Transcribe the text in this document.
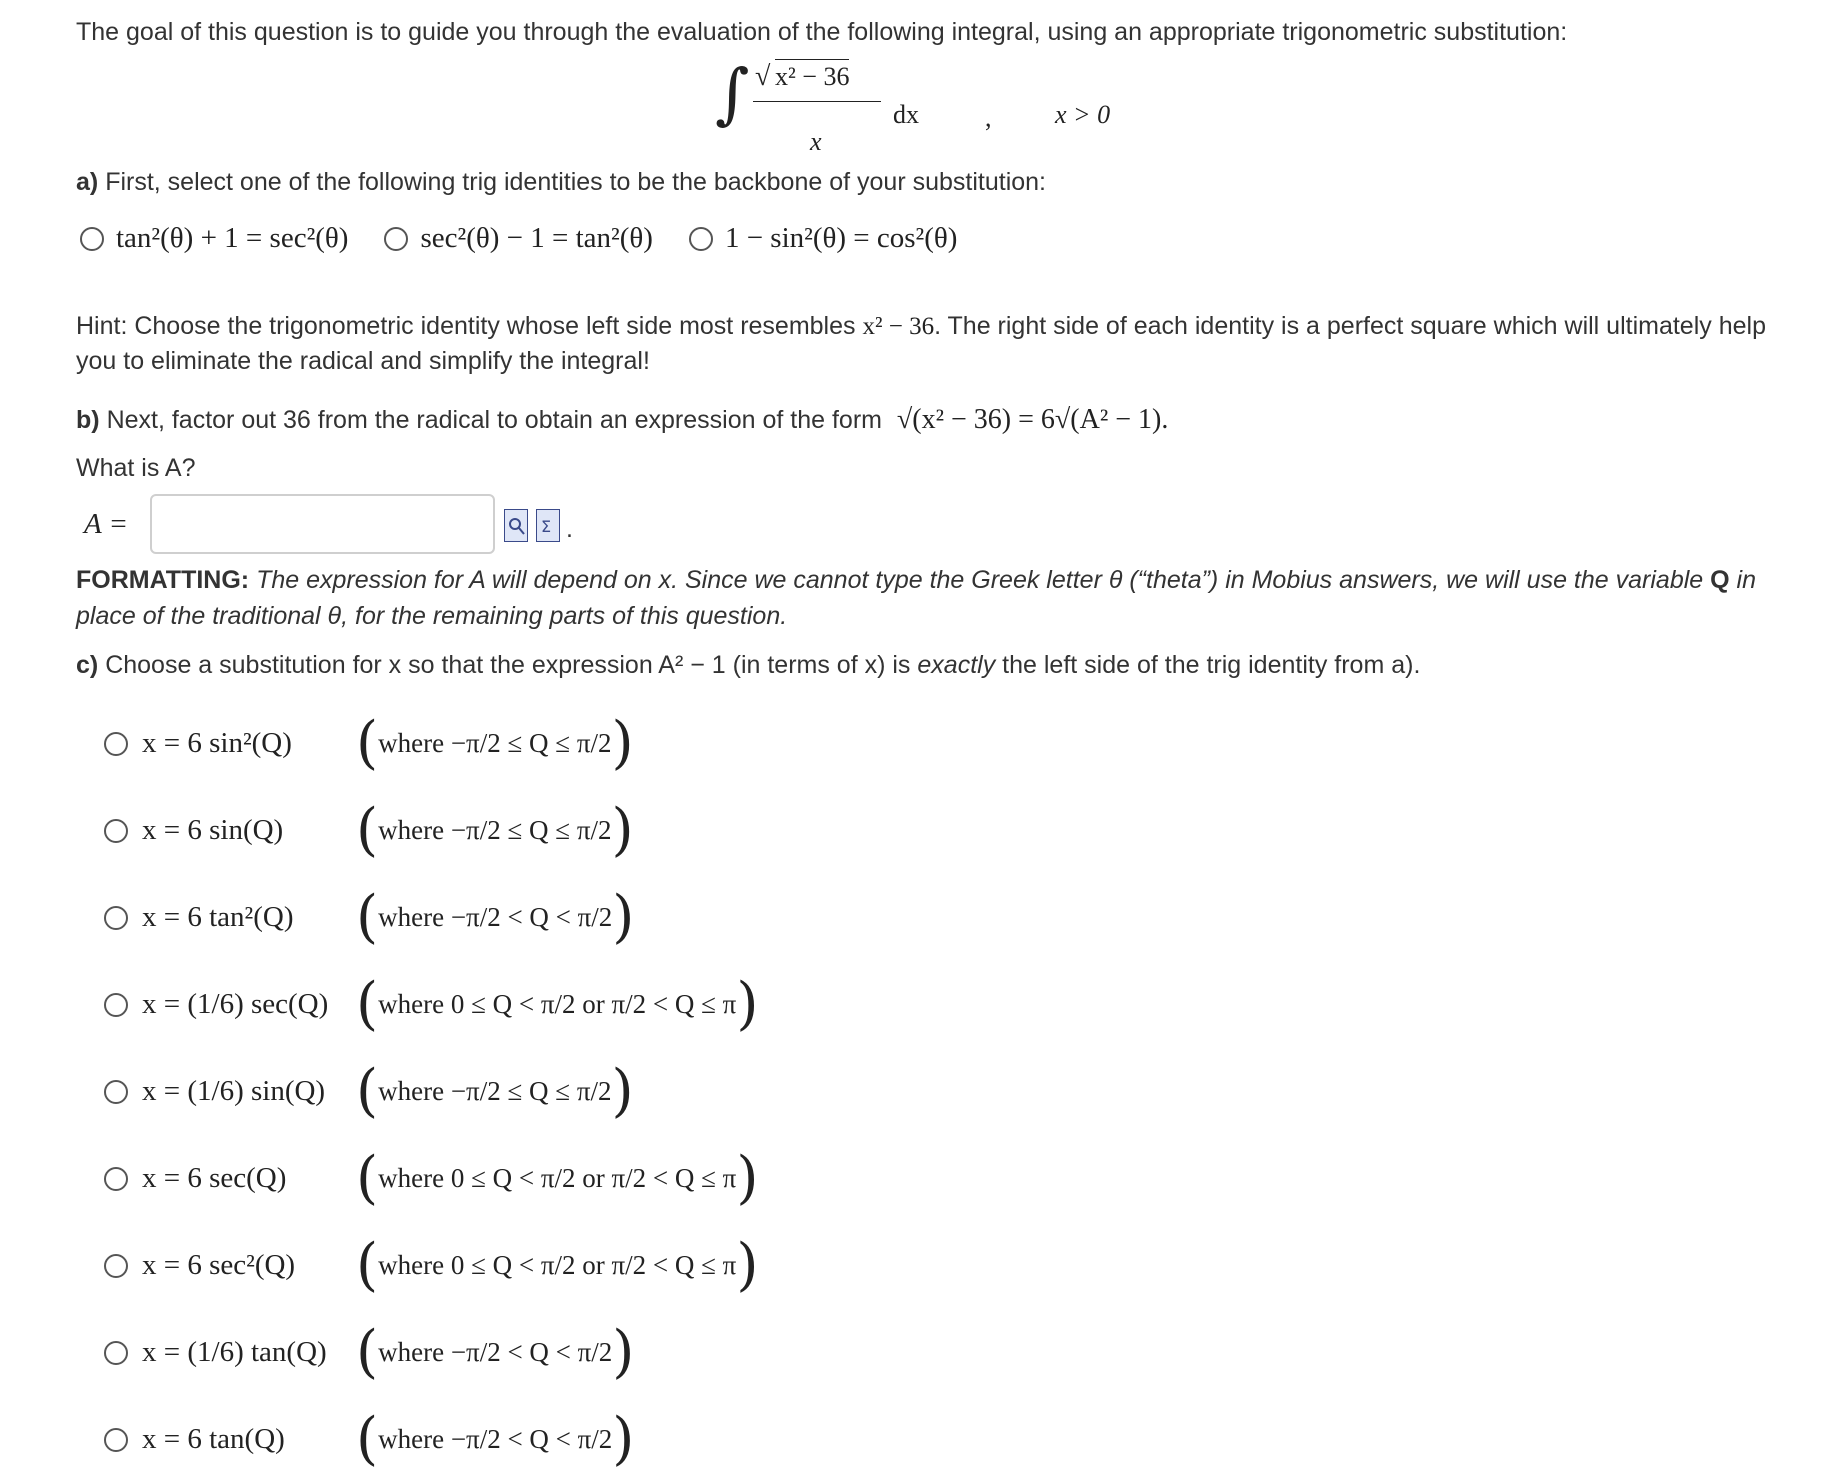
The goal of this question is to guide you through the evaluation of the following integral, using an appropriate trigonometric substitution:
∫ √ x² − 36
x
dx	, x > 0
a) First, select one of the following trig identities to be the backbone of your substitution:
tan²(θ) + 1 = sec²(θ) sec²(θ) − 1 = tan²(θ) 1 − sin²(θ) = cos²(θ)
Hint: Choose the trigonometric identity whose left side most resembles x² − 36. The right side of each identity is a perfect square which will ultimately help
you to eliminate the radical and simplify the integral!
b) Next, factor out 36 from the radical to obtain an expression of the form √(x² − 36) = 6√(A² − 1).
What is A?
A =	Σ .
FORMATTING: The expression for A will depend on x. Since we cannot type the Greek letter θ (“theta”) in Mobius answers, we will use the variable Q in
place of the traditional θ, for the remaining parts of this question.
c) Choose a substitution for x so that the expression A² − 1 (in terms of x) is exactly the left side of the trig identity from a).
x = 6 sin²(Q)	( where −π/2 ≤ Q ≤ π/2 )
x = 6 sin(Q)	( where −π/2 ≤ Q ≤ π/2 )
x = 6 tan²(Q)	( where −π/2 < Q < π/2 )
x = (1/6) sec(Q) ( where 0 ≤ Q < π/2 or π/2 < Q ≤ π )
x = (1/6) sin(Q) ( where −π/2 ≤ Q ≤ π/2 )
x = 6 sec(Q)	( where 0 ≤ Q < π/2 or π/2 < Q ≤ π )
x = 6 sec²(Q)	( where 0 ≤ Q < π/2 or π/2 < Q ≤ π )
x = (1/6) tan(Q) ( where −π/2 < Q < π/2 )
x = 6 tan(Q)	( where −π/2 < Q < π/2 )
